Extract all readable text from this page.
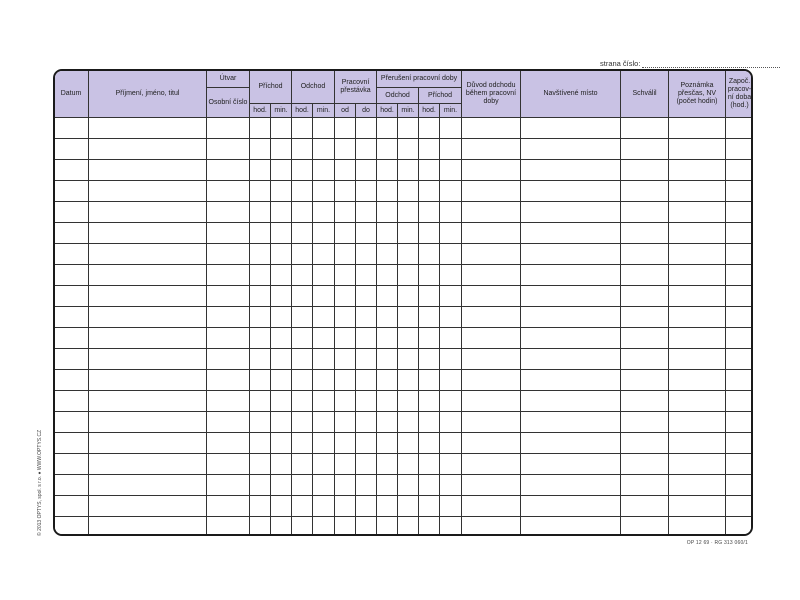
strana číslo:
Datum	Příjmení, jméno, titul	Útvar	Příchod		Odchod		Pracovní přestávka		Přerušení pracovní doby				Důvod odchodu během pracovní doby	Navštívené místo	Schválil	Poznámka přesčas, NV (počet hodin)	Započ. pracov-ní doba (hod.)
		Osobní číslo							Odchod		Příchod						
			hod.	min.	hod.	min.	od	do	hod.	min.	hod.	min.					

OP 12 69 · RG 313 060/1
© 2013 OPTYS, spol. s r.o. ● WWW.OPTYS.CZ
